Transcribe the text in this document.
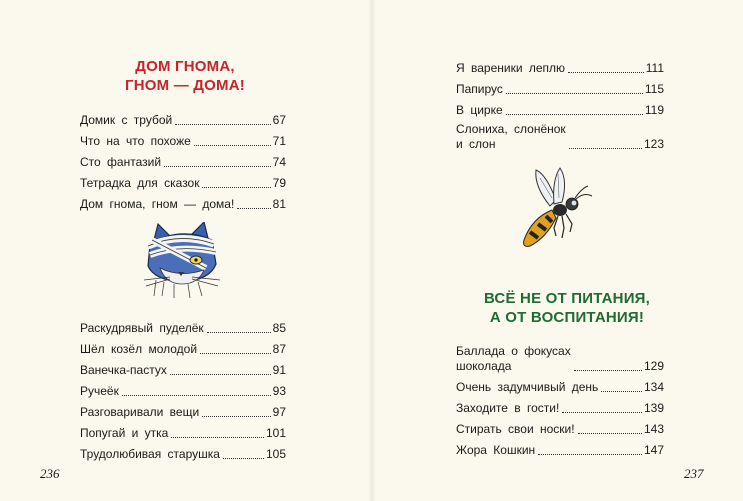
ДОМ ГНОМА,
ГНОМ — ДОМА!
Домик с трубой	67
Что на что похоже	71
Сто фантазий	74
Тетрадка для сказок	79
Дом гнома, гном — дома!	81
Раскудрявый пуделёк	85
Шёл козёл молодой	87
Ванечка-пастух	91
Ручеёк	93
Разговаривали вещи	97
Попугай и утка	101
Трудолюбивая старушка	105
236
Я вареники леплю	111
Папирус	115
В цирке	119
Слониха, слонёнок
и слон	123
ВСЁ НЕ ОТ ПИТАНИЯ,
А ОТ ВОСПИТАНИЯ!
Баллада о фокусах
шоколада	129
Очень задумчивый день	134
Заходите в гости!	139
Стирать свои носки!	143
Жора Кошкин	147
237
